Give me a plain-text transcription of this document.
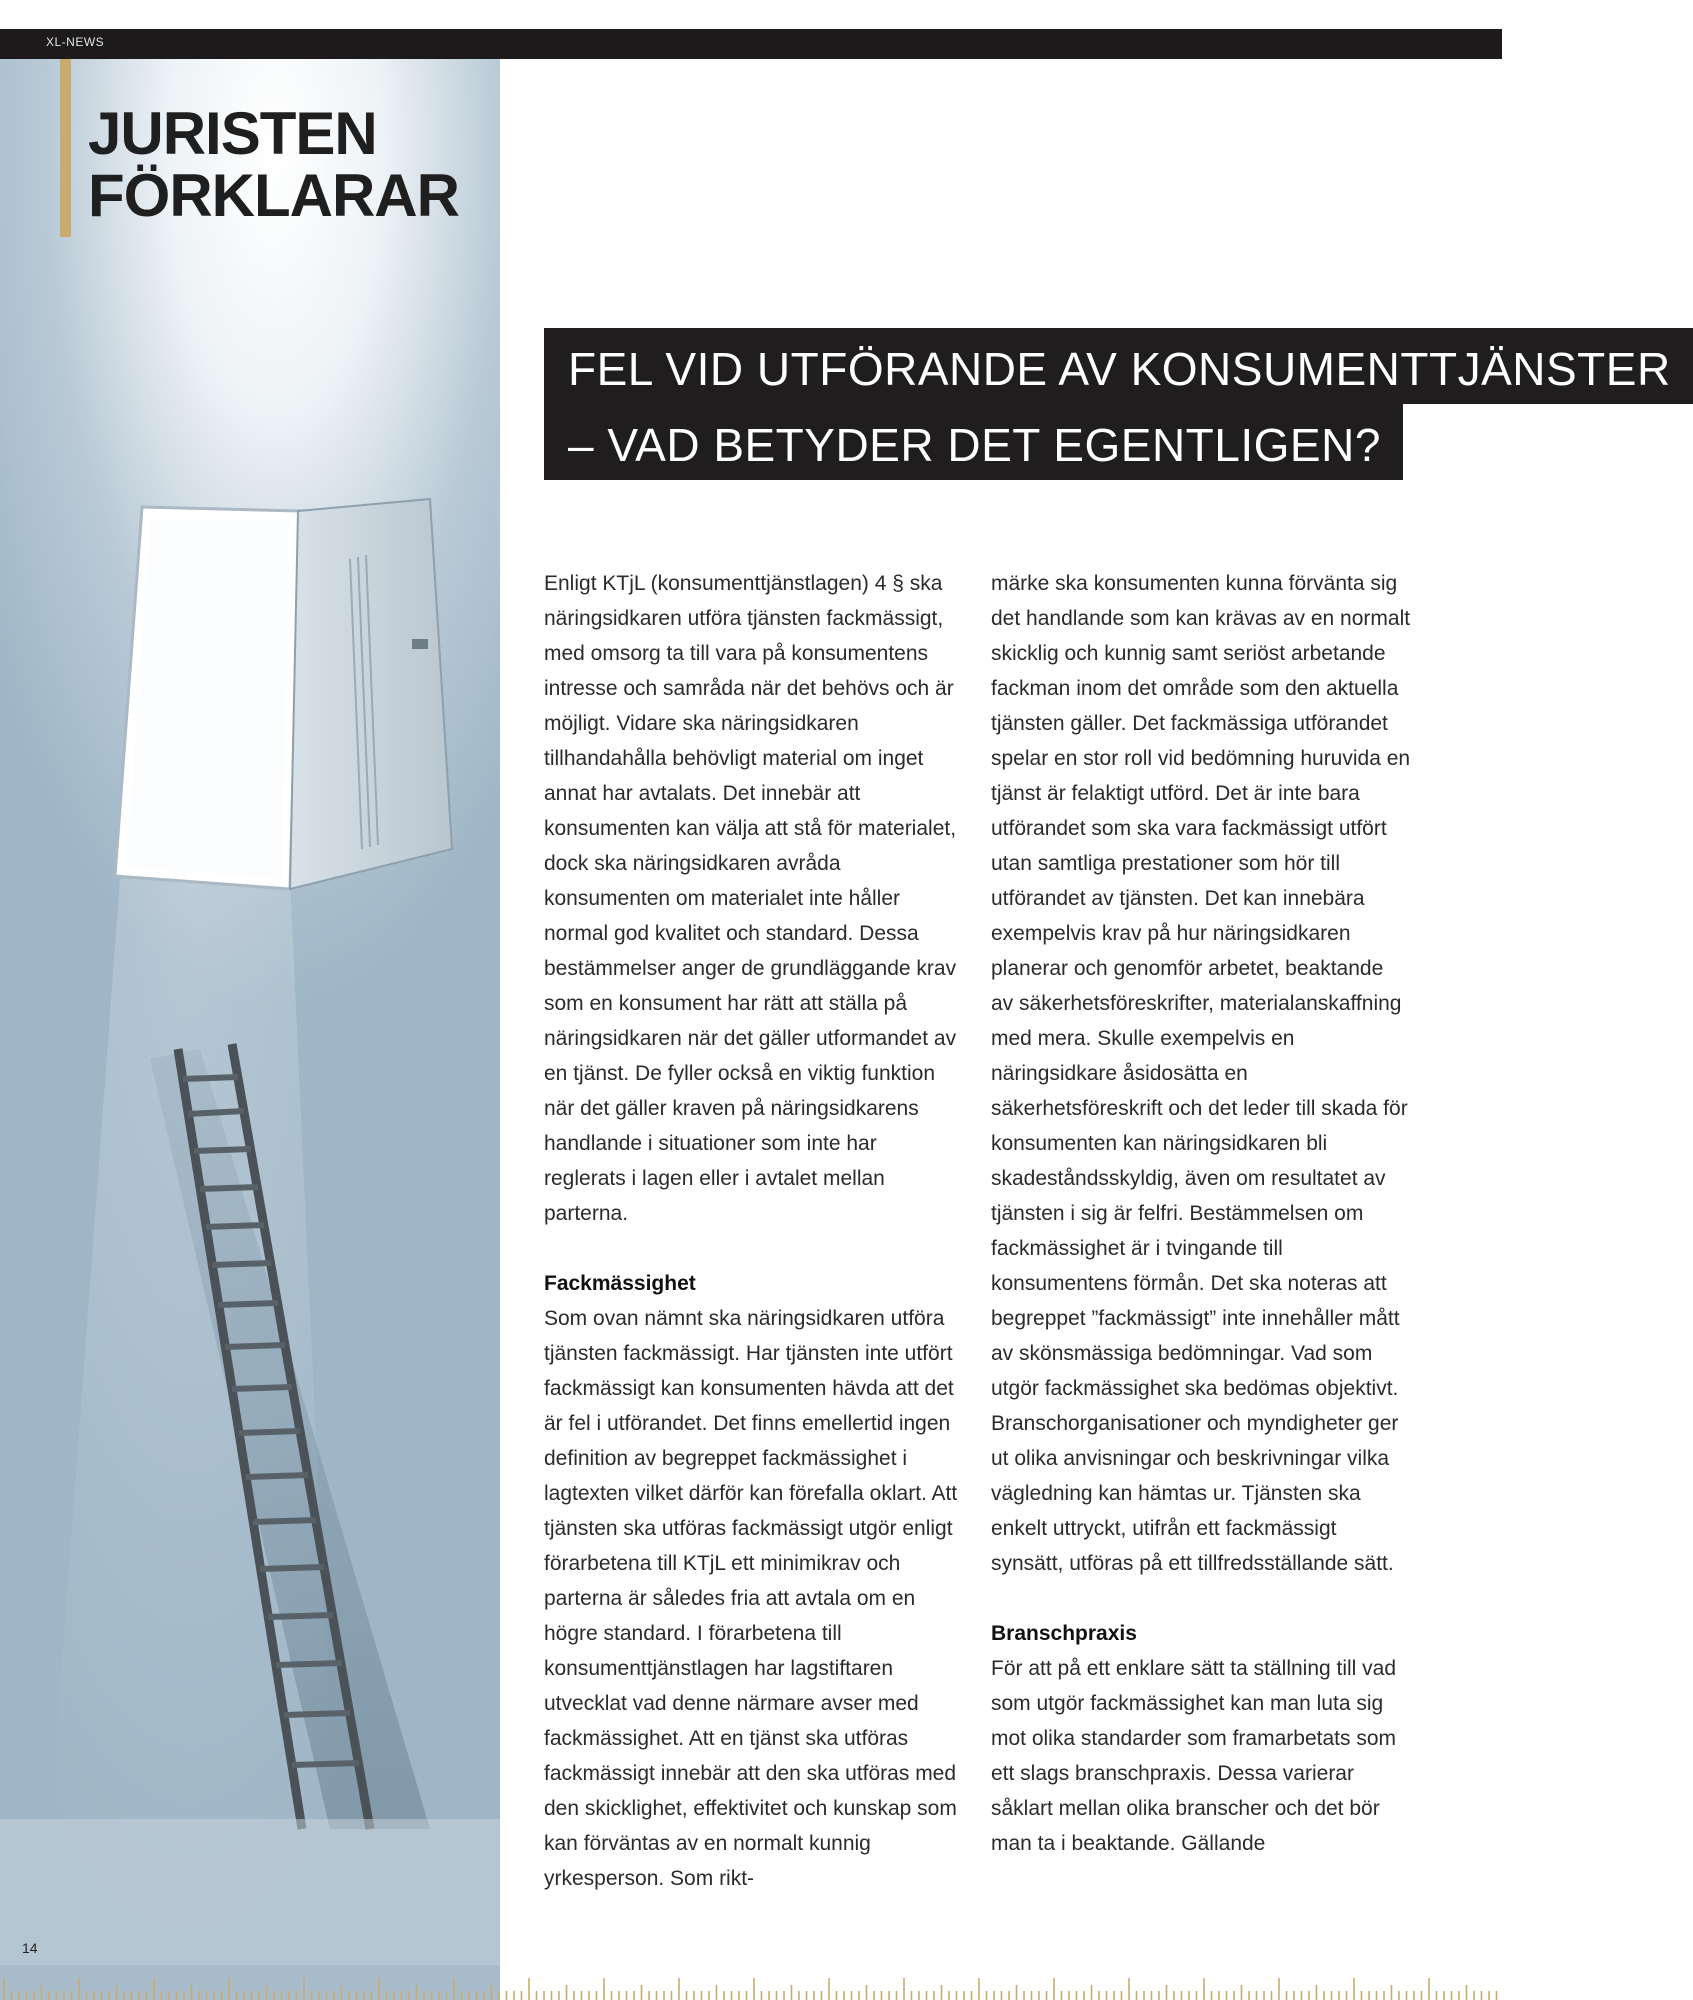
XL-NEWS
JURISTEN
FÖRKLARAR
FEL VID UTFÖRANDE AV KONSUMENTTJÄNSTER
– VAD BETYDER DET EGENTLIGEN?

Enligt KTjL (konsumenttjänstlagen) 4 § ska näringsidkaren utföra tjänsten fackmässigt, med omsorg ta till vara på konsumentens intresse och samråda när det behövs och är möjligt. Vidare ska näringsidkaren tillhandahålla behövligt material om inget annat har avtalats. Det innebär att konsumenten kan välja att stå för materialet, dock ska näringsidkaren avråda konsumenten om materialet inte håller normal god kvalitet och standard. Dessa bestämmelser anger de grundläggande krav som en konsument har rätt att ställa på näringsidkaren när det gäller utformandet av en tjänst. De fyller också en viktig funktion när det gäller kraven på näringsidkarens handlande i situationer som inte har reglerats i lagen eller i avtalet mellan parterna.

Fackmässighet

Som ovan nämnt ska näringsidkaren utföra tjänsten fackmässigt. Har tjänsten inte utfört fackmässigt kan konsumenten hävda att det är fel i utförandet. Det finns emellertid ingen definition av begreppet fackmässighet i lagtexten vilket därför kan förefalla oklart. Att tjänsten ska utföras fackmässigt utgör enligt förarbetena till KTjL ett minimikrav och parterna är således fria att avtala om en högre standard. I förarbetena till konsumenttjänstlagen har lagstiftaren utvecklat vad denne närmare avser med fackmässighet. Att en tjänst ska utföras fackmässigt innebär att den ska utföras med den skicklighet, effektivitet och kunskap som kan förväntas av en normalt kunnig yrkesperson. Som rikt-

märke ska konsumenten kunna förvänta sig det handlande som kan krävas av en normalt skicklig och kunnig samt seriöst arbetande fackman inom det område som den aktuella tjänsten gäller. Det fackmässiga utförandet spelar en stor roll vid bedömning huruvida en tjänst är felaktigt utförd. Det är inte bara utförandet som ska vara fackmässigt utfört utan samtliga prestationer som hör till utförandet av tjänsten. Det kan innebära exempelvis krav på hur näringsidkaren planerar och genomför arbetet, beaktande av säkerhetsföreskrifter, materialanskaffning med mera. Skulle exempelvis en näringsidkare åsidosätta en säkerhetsföreskrift och det leder till skada för konsumenten kan näringsidkaren bli skadeståndsskyldig, även om resultatet av tjänsten i sig är felfri. Bestämmelsen om fackmässighet är i tvingande till konsumentens förmån. Det ska noteras att begreppet ”fackmässigt” inte innehåller mått av skönsmässiga bedömningar. Vad som utgör fackmässighet ska bedömas objektivt. Branschorganisationer och myndigheter ger ut olika anvisningar och beskrivningar vilka vägledning kan hämtas ur. Tjänsten ska enkelt uttryckt, utifrån ett fackmässigt synsätt, utföras på ett tillfredsställande sätt.

Branschpraxis

För att på ett enklare sätt ta ställning till vad som utgör fackmässighet kan man luta sig mot olika standarder som framarbetats som ett slags branschpraxis. Dessa varierar såklart mellan olika branscher och det bör man ta i beaktande. Gällande

14
